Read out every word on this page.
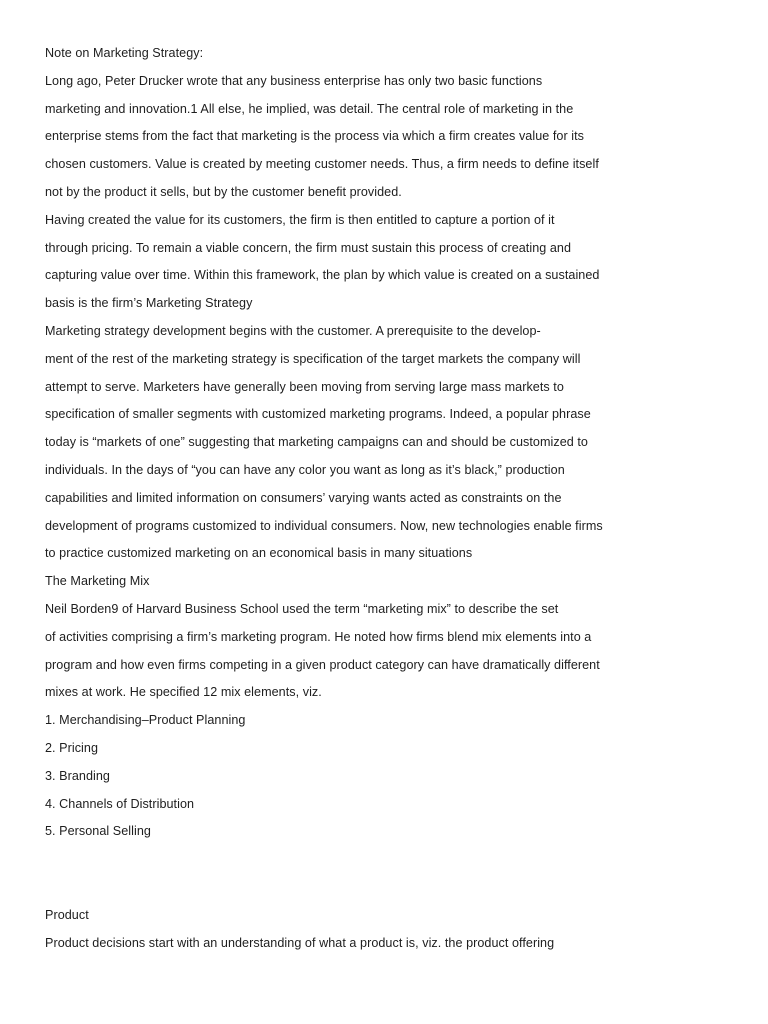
Note on Marketing Strategy:
Long ago, Peter Drucker wrote that any business enterprise has only two basic functions
marketing and innovation.1 All else, he implied, was detail. The central role of marketing in the
enterprise stems from the fact that marketing is the process via which a firm creates value for its
chosen customers. Value is created by meeting customer needs. Thus, a firm needs to define itself
not by the product it sells, but by the customer benefit provided.
Having created the value for its customers, the firm is then entitled to capture a portion of it
through pricing. To remain a viable concern, the firm must sustain this process of creating and
capturing value over time. Within this framework, the plan by which value is created on a sustained
basis is the firm’s Marketing Strategy
Marketing strategy development begins with the customer. A prerequisite to the develop-
ment of the rest of the marketing strategy is specification of the target markets the company will
attempt to serve. Marketers have generally been moving from serving large mass markets to
specification of smaller segments with customized marketing programs. Indeed, a popular phrase
today is “markets of one” suggesting that marketing campaigns can and should be customized to
individuals. In the days of “you can have any color you want as long as it’s black,” production
capabilities and limited information on consumers’ varying wants acted as constraints on the
development of programs customized to individual consumers. Now, new technologies enable firms
to practice customized marketing on an economical basis in many situations
The Marketing Mix
Neil Borden9 of Harvard Business School used the term “marketing mix” to describe the set
of activities comprising a firm’s marketing program. He noted how firms blend mix elements into a
program and how even firms competing in a given product category can have dramatically different
mixes at work. He specified 12 mix elements, viz.
1. Merchandising–Product Planning
2. Pricing
3. Branding
4. Channels of Distribution
5. Personal Selling
Product
Product decisions start with an understanding of what a product is, viz. the product offering
